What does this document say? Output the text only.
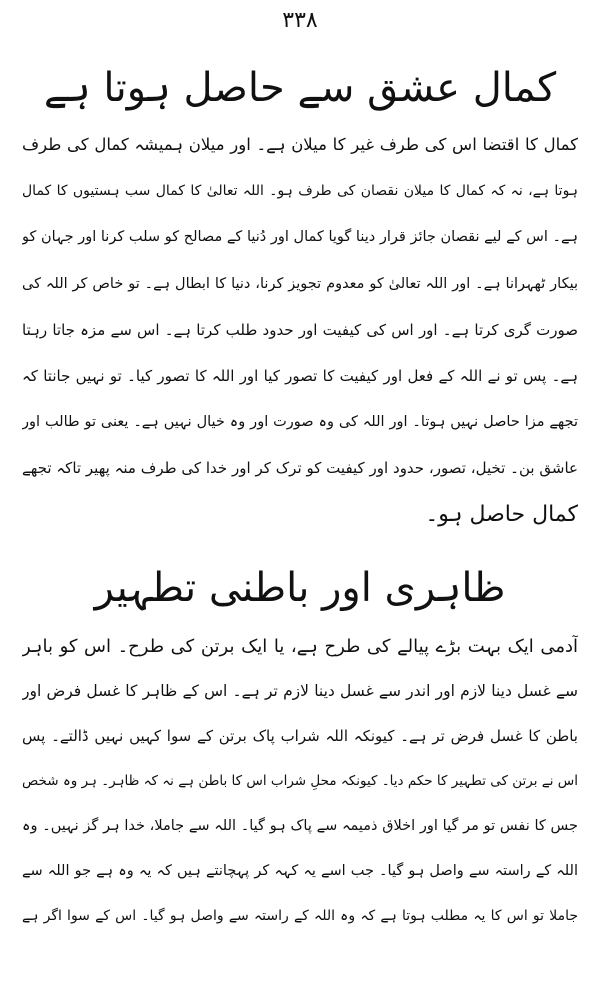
۳۳۸
کمال عشق سے حاصل ہوتا ہے
کمال کا اقتضا اس کی طرف غیر کا میلان ہے۔ اور میلان ہمیشہ کمال کی طرف
ہوتا ہے، نہ کہ کمال کا میلان نقصان کی طرف ہو۔ اللہ تعالیٰ کا کمال سب ہستیوں کا کمال
ہے۔ اس کے لیے نقصان جائز قرار دینا گویا کمال اور دُنیا کے مصالح کو سلب کرنا اور جہان کو
بیکار ٹھہرانا ہے۔ اور اللہ تعالیٰ کو معدوم تجویز کرنا، دنیا کا ابطال ہے۔ تو خاص کر اللہ کی
صورت گری کرتا ہے۔ اور اس کی کیفیت اور حدود طلب کرتا ہے۔ اس سے مزہ جاتا رہتا
ہے۔ پس تو نے اللہ کے فعل اور کیفیت کا تصور کیا اور اللہ کا تصور کیا۔ تو نہیں جانتا کہ
تجھے مزا حاصل نہیں ہوتا۔ اور اللہ کی وہ صورت اور وہ خیال نہیں ہے۔ یعنی تو طالب اور
عاشق بن۔ تخیل، تصور، حدود اور کیفیت کو ترک کر اور خدا کی طرف منہ پھیر تاکہ تجھے
کمال حاصل ہو۔
ظاہری اور باطنی تطہیر
آدمی ایک بہت بڑے پیالے کی طرح ہے، یا ایک برتن کی طرح۔ اس کو باہر
سے غسل دینا لازم اور اندر سے غسل دینا لازم تر ہے۔ اس کے ظاہر کا غسل فرض اور
باطن کا غسل فرض تر ہے۔ کیونکہ اللہ شراب پاک برتن کے سوا کہیں نہیں ڈالتے۔ پس
اس نے برتن کی تطہیر کا حکم دیا۔ کیونکہ محلِ شراب اس کا باطن ہے نہ کہ ظاہر۔ ہر وہ شخص
جس کا نفس تو مر گیا اور اخلاق ذمیمہ سے پاک ہو گیا۔ اللہ سے جاملا، خدا ہر گز نہیں۔ وہ
اللہ کے راستہ سے واصل ہو گیا۔ جب اسے یہ کہہ کر پہچانتے ہیں کہ یہ وہ ہے جو اللہ سے
جاملا تو اس کا یہ مطلب ہوتا ہے کہ وہ اللہ کے راستہ سے واصل ہو گیا۔ اس کے سوا اگر ہے
